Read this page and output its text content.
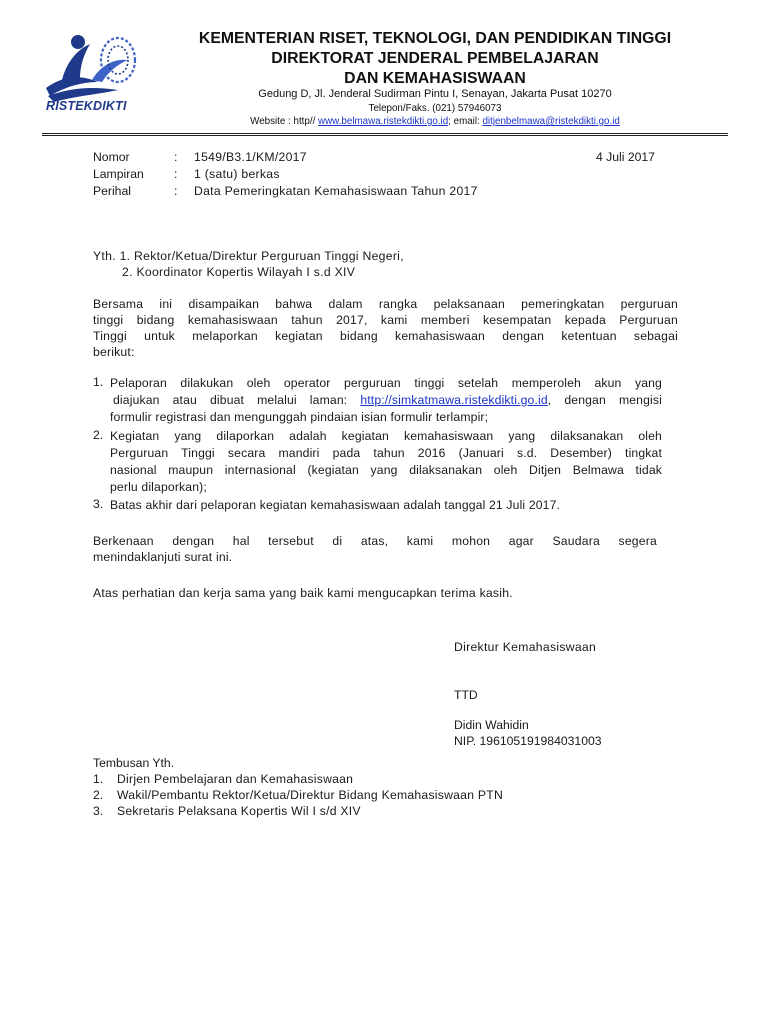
RISTEKDIKTI
KEMENTERIAN RISET, TEKNOLOGI, DAN PENDIDIKAN TINGGI
DIREKTORAT JENDERAL PEMBELAJARAN
DAN KEMAHASISWAAN
Gedung D, Jl. Jenderal Sudirman Pintu I, Senayan, Jakarta Pusat 10270
Telepon/Faks. (021) 57946073
Website : http// www.belmawa.ristekdikti.go.id; email: ditjenbelmawa@ristekdikti.go.id
Nomor	: 1549/B3.1/KM/2017	4 Juli 2017
Lampiran : 1 (satu) berkas
Perihal	: Data Pemeringkatan Kemahasiswaan Tahun 2017
Yth. 1. Rektor/Ketua/Direktur Perguruan Tinggi Negeri,
2. Koordinator Kopertis Wilayah I s.d XIV
Bersama ini disampaikan bahwa dalam rangka pelaksanaan pemeringkatan perguruan
tinggi bidang kemahasiswaan tahun 2017, kami memberi kesempatan kepada Perguruan
Tinggi untuk melaporkan kegiatan bidang kemahasiswaan dengan ketentuan sebagai
berikut:
1. Pelaporan dilakukan oleh operator perguruan tinggi setelah memperoleh akun yang
diajukan atau dibuat melalui laman: http://simkatmawa.ristekdikti.go.id, dengan mengisi
formulir registrasi dan mengunggah pindaian isian formulir terlampir;
2. Kegiatan yang dilaporkan adalah kegiatan kemahasiswaan yang dilaksanakan oleh
Perguruan Tinggi secara mandiri pada tahun 2016 (Januari s.d. Desember) tingkat
nasional maupun internasional (kegiatan yang dilaksanakan oleh Ditjen Belmawa tidak
perlu dilaporkan);
3. Batas akhir dari pelaporan kegiatan kemahasiswaan adalah tanggal 21 Juli 2017.
Berkenaan dengan hal tersebut di atas, kami mohon agar Saudara segera
menindaklanjuti surat ini.
Atas perhatian dan kerja sama yang baik kami mengucapkan terima kasih.
Direktur Kemahasiswaan
TTD
Didin Wahidin
NIP. 196105191984031003
Tembusan Yth.
1. Dirjen Pembelajaran dan Kemahasiswaan
2. Wakil/Pembantu Rektor/Ketua/Direktur Bidang Kemahasiswaan PTN
3. Sekretaris Pelaksana Kopertis Wil I s/d XIV
